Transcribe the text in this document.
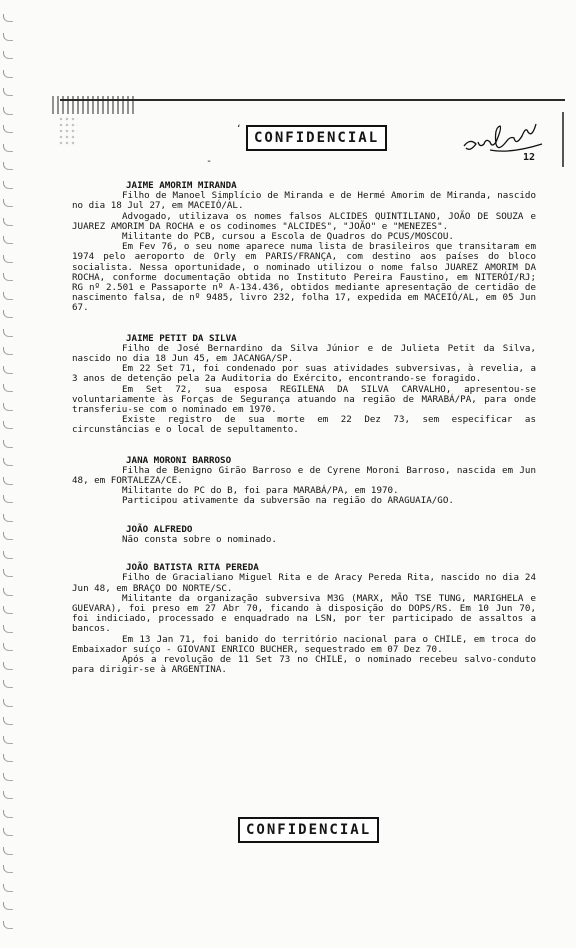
CONFIDENCIAL
ʻ
-	12
JAIME AMORIM MIRANDA
Filho de Manoel Simplício de Miranda e de Hermé Amorim de Miranda, nascido no dia 18 Jul 27, em MACEIÓ/AL.
Advogado, utilizava os nomes falsos ALCIDES QUINTILIANO, JOÃO DE SOUZA e JUAREZ AMORIM DA ROCHA e os codinomes "ALCIDES", "JOÃO" e "MENEZES".
Militante do PCB, cursou a Escola de Quadros do PCUS/MOSCOU.
Em Fev 76, o seu nome aparece numa lista de brasileiros que transitaram em 1974 pelo aeroporto de Orly em PARIS/FRANÇA, com destino aos países do bloco socialista. Nessa oportunidade, o nominado utilizou o nome falso JUAREZ AMORIM DA ROCHA, conforme documentação obtida no Instituto Pereira Faustino, em NITERÓI/RJ; RG nº 2.501 e Passaporte nº A-134.436, obtidos mediante apresentação de certidão de nascimento falsa, de nº 9485, livro 232, folha 17, expedida em MACEIÓ/AL, em 05 Jun 67.
JAIME PETIT DA SILVA
Filho de José Bernardino da Silva Júnior e de Julieta Petit da Silva, nascido no dia 18 Jun 45, em JACANGA/SP.
Em 22 Set 71, foi condenado por suas atividades subversivas, à revelia, a 3 anos de detenção pela 2a Auditoria do Exército, encontrando-se foragido.
Em Set 72, sua esposa REGILENA DA SILVA CARVALHO, apresentou-se voluntariamente às Forças de Segurança atuando na região de MARABÁ/PA, para onde transferiu-se com o nominado em 1970.
Existe registro de sua morte em 22 Dez 73, sem especificar as circunstâncias e o local de sepultamento.
JANA MORONI BARROSO
Filha de Benigno Girão Barroso e de Cyrene Moroni Barroso, nascida em Jun 48, em FORTALEZA/CE.
Militante do PC do B, foi para MARABÁ/PA, em 1970.
Participou ativamente da subversão na região do ARAGUAIA/GO.
JOÃO ALFREDO
Não consta sobre o nominado.
JOÃO BATISTA RITA PEREDA
Filho de Gracialiano Miguel Rita e de Aracy Pereda Rita, nascido no dia 24 Jun 48, em BRAÇO DO NORTE/SC.
Militante da organização subversiva M3G (MARX, MÃO TSE TUNG, MARIGHELA e GUEVARA), foi preso em 27 Abr 70, ficando à disposição do DOPS/RS. Em 10 Jun 70, foi indiciado, processado e enquadrado na LSN, por ter participado de assaltos a bancos.
Em 13 Jan 71, foi banido do território nacional para o CHILE, em troca do Embaixador suíço - GIOVANI ENRICO BUCHER, sequestrado em 07 Dez 70.
Após a revolução de 11 Set 73 no CHILE, o nominado recebeu salvo-conduto para dirigir-se à ARGENTINA.
CONFIDENCIAL
